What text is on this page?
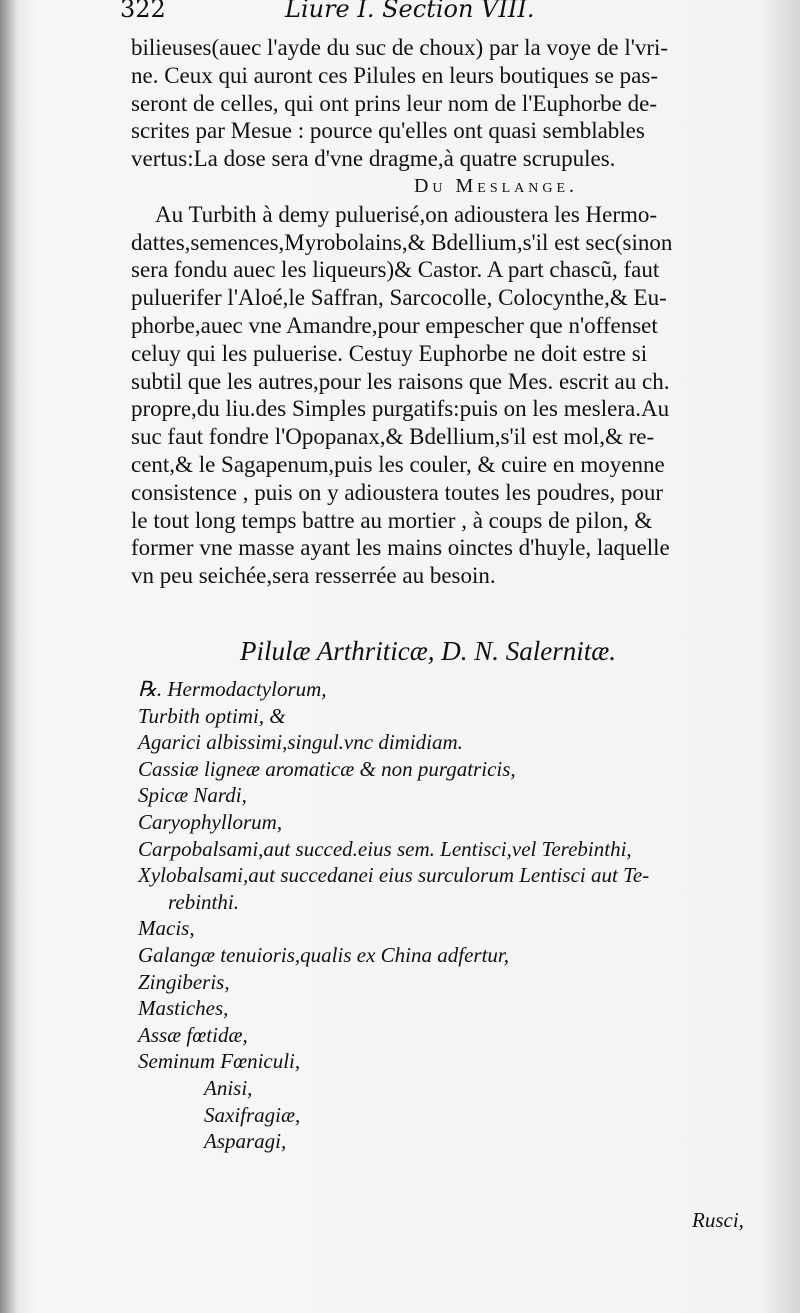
322	Liure I. Section VIII.
bilieuses(auec l'ayde du suc de choux) par la voye de l'vri-
ne. Ceux qui auront ces Pilules en leurs boutiques se pas-
seront de celles, qui ont prins leur nom de l'Euphorbe de-
scrites par Mesue : pource qu'elles ont quasi semblables
vertus:La dose sera d'vne dragme,à quatre scrupules.
Du Meslange.
Au Turbith à demy puluerisé,on adioustera les Hermo-
dattes,semences,Myrobolains,& Bdellium,s'il est sec(sinon
sera fondu auec les liqueurs)& Castor. A part chascũ, faut
puluerifer l'Aloé,le Saffran, Sarcocolle, Colocynthe,& Eu-
phorbe,auec vne Amandre,pour empescher que n'offenset
celuy qui les puluerise. Cestuy Euphorbe ne doit estre si
subtil que les autres,pour les raisons que Mes. escrit au ch.
propre,du liu.des Simples purgatifs:puis on les meslera.Au
suc faut fondre l'Opopanax,& Bdellium,s'il est mol,& re-
cent,& le Sagapenum,puis les couler, & cuire en moyenne
consistence , puis on y adioustera toutes les poudres, pour
le tout long temps battre au mortier , à coups de pilon, &
former vne masse ayant les mains oinctes d'huyle, laquelle
vn peu seichée,sera resserrée au besoin.
Pilulæ Arthriticæ, D. N. Salernitæ.
℞. Hermodactylorum,
Turbith optimi, &
Agarici albissimi,singul.vnc dimidiam.
Cassiæ ligneæ aromaticæ & non purgatricis,
Spicæ Nardi,
Caryophyllorum,
Carpobalsami,aut succed.eius sem. Lentisci,vel Terebinthi,
Xylobalsami,aut succedanei eius surculorum Lentisci aut Te-
rebinthi.
Macis,
Galangæ tenuioris,qualis ex China adfertur,
Zingiberis,
Mastiches,
Assæ fœtidæ,
Seminum Fœniculi,
Anisi,
Saxifragiæ,
Asparagi,
Rusci,
